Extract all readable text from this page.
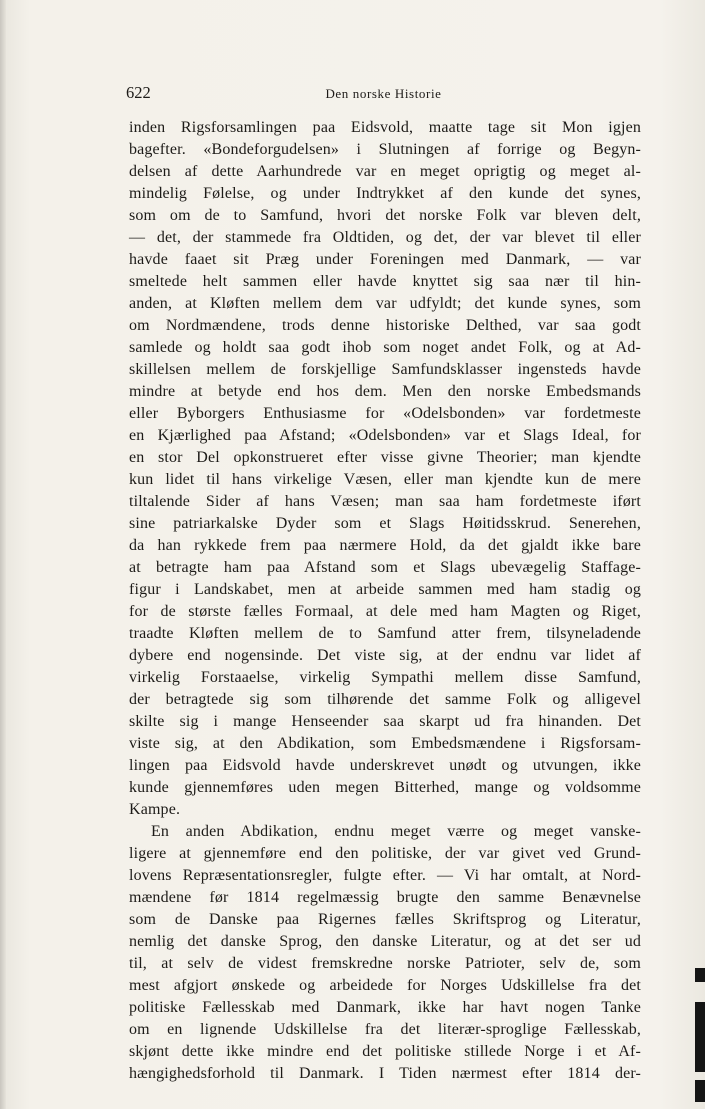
622	Den norske Historie
inden Rigsforsamlingen paa Eidsvold, maatte tage sit Mon igjen
bagefter. «Bondeforgudelsen» i Slutningen af forrige og Begyn-
delsen af dette Aarhundrede var en meget oprigtig og meget al-
mindelig Følelse, og under Indtrykket af den kunde det synes,
som om de to Samfund, hvori det norske Folk var bleven delt,
— det, der stammede fra Oldtiden, og det, der var blevet til eller
havde faaet sit Præg under Foreningen med Danmark, — var
smeltede helt sammen eller havde knyttet sig saa nær til hin-
anden, at Kløften mellem dem var udfyldt; det kunde synes, som
om Nordmændene, trods denne historiske Delthed, var saa godt
samlede og holdt saa godt ihob som noget andet Folk, og at Ad-
skillelsen mellem de forskjellige Samfundsklasser ingensteds havde
mindre at betyde end hos dem. Men den norske Embedsmands
eller Byborgers Enthusiasme for «Odelsbonden» var fordetmeste
en Kjærlighed paa Afstand; «Odelsbonden» var et Slags Ideal, for
en stor Del opkonstrueret efter visse givne Theorier; man kjendte
kun lidet til hans virkelige Væsen, eller man kjendte kun de mere
tiltalende Sider af hans Væsen; man saa ham fordetmeste iført
sine patriarkalske Dyder som et Slags Høitidsskrud. Senerehen,
da han rykkede frem paa nærmere Hold, da det gjaldt ikke bare
at betragte ham paa Afstand som et Slags ubevægelig Staffage-
figur i Landskabet, men at arbeide sammen med ham stadig og
for de største fælles Formaal, at dele med ham Magten og Riget,
traadte Kløften mellem de to Samfund atter frem, tilsyneladende
dybere end nogensinde. Det viste sig, at der endnu var lidet af
virkelig Forstaaelse, virkelig Sympathi mellem disse Samfund,
der betragtede sig som tilhørende det samme Folk og alligevel
skilte sig i mange Henseender saa skarpt ud fra hinanden. Det
viste sig, at den Abdikation, som Embedsmændene i Rigsforsam-
lingen paa Eidsvold havde underskrevet unødt og utvungen, ikke
kunde gjennemføres uden megen Bitterhed, mange og voldsomme
Kampe.
En anden Abdikation, endnu meget værre og meget vanske-
ligere at gjennemføre end den politiske, der var givet ved Grund-
lovens Repræsentationsregler, fulgte efter. — Vi har omtalt, at Nord-
mændene før 1814 regelmæssig brugte den samme Benævnelse
som de Danske paa Rigernes fælles Skriftsprog og Literatur,
nemlig det danske Sprog, den danske Literatur, og at det ser ud
til, at selv de videst fremskredne norske Patrioter, selv de, som
mest afgjort ønskede og arbeidede for Norges Udskillelse fra det
politiske Fællesskab med Danmark, ikke har havt nogen Tanke
om en lignende Udskillelse fra det literær-sproglige Fællesskab,
skjønt dette ikke mindre end det politiske stillede Norge i et Af-
hængighedsforhold til Danmark. I Tiden nærmest efter 1814 der-
